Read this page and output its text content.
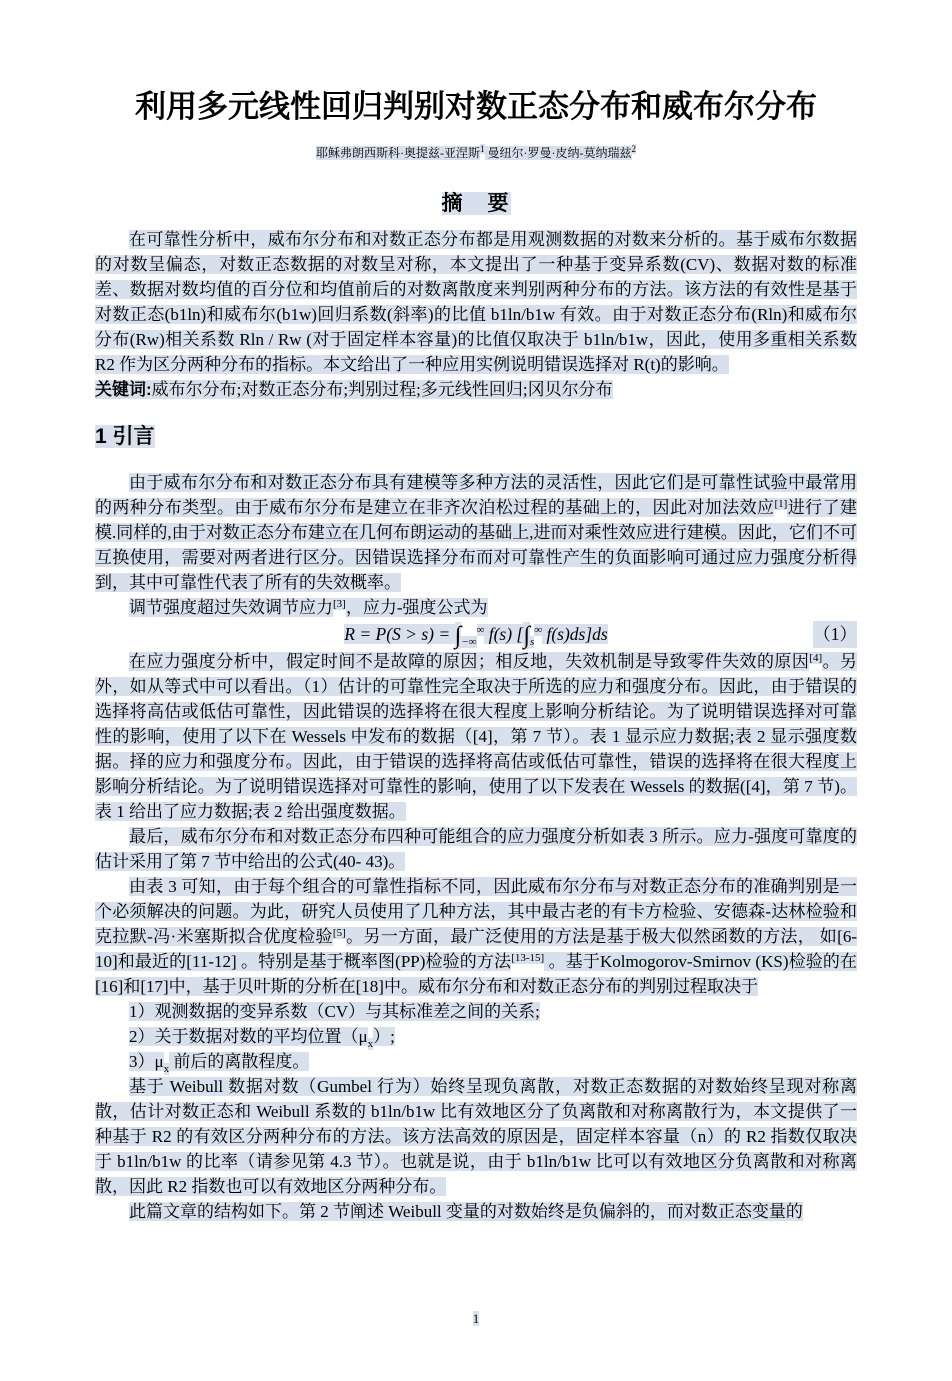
利用多元线性回归判别对数正态分布和威布尔分布
耶稣弗朗西斯科·奥提兹-亚涅斯$^1$ 曼纽尔·罗曼·皮纳-莫纳瑞兹$^2$
摘　要

在可靠性分析中，威布尔分布和对数正态分布都是用观测数据的对数来分析的。基于威布尔数据的对数呈偏态，对数正态数据的对数呈对称，本文提出了一种基于变异系数(CV)、数据对数的标准差、数据对数均值的百分位和均值前后的对数离散度来判别两种分布的方法。该方法的有效性是基于对数正态(b1ln)和威布尔(b1w)回归系数(斜率)的比值 b1ln/b1w 有效。由于对数正态分布(Rln)和威布尔分布(Rw)相关系数 Rln / Rw (对于固定样本容量)的比值仅取决于 b1ln/b1w，因此，使用多重相关系数 R2 作为区分两种分布的指标。本文给出了一种应用实例说明错误选择对 R(t)的影响。

关键词:威布尔分布;对数正态分布;判别过程;多元线性回归;冈贝尔分布

1 引言

由于威布尔分布和对数正态分布具有建模等多种方法的灵活性，因此它们是可靠性试验中最常用的两种分布类型。由于威布尔分布是建立在非齐次泊松过程的基础上的，因此对加法效应[1]进行了建模.同样的,由于对数正态分布建立在几何布朗运动的基础上,进而对乘性效应进行建模。因此，它们不可互换使用，需要对两者进行区分。因错误选择分布而对可靠性产生的负面影响可通过应力强度分析得到，其中可靠性代表了所有的失效概率。

调节强度超过失效调节应力[3]，应力-强度公式为

$R = P(S > s) = \int_{-\infty}^\infty$ f(s) [$\int_s^\infty$ f(s)ds]ds	（1）

在应力强度分析中，假定时间不是故障的原因；相反地，失效机制是导致零件失效的原因[4]。另外，如从等式中可以看出。（1）估计的可靠性完全取决于所选的应力和强度分布。因此，由于错误的选择将高估或低估可靠性，因此错误的选择将在很大程度上影响分析结论。为了说明错误选择对可靠性的影响，使用了以下在 Wessels 中发布的数据（[4]，第 7 节）。表 1 显示应力数据;表 2 显示强度数据。择的应力和强度分布。因此，由于错误的选择将高估或低估可靠性，错误的选择将在很大程度上影响分析结论。为了说明错误选择对可靠性的影响，使用了以下发表在 Wessels 的数据([4]，第 7 节)。表 1 给出了应力数据;表 2 给出强度数据。

最后，威布尔分布和对数正态分布四种可能组合的应力强度分析如表 3 所示。应力-强度可靠度的估计采用了第 7 节中给出的公式(40- 43)。

由表 3 可知，由于每个组合的可靠性指标不同，因此威布尔分布与对数正态分布的准确判别是一个必须解决的问题。为此，研究人员使用了几种方法，其中最古老的有卡方检验、安德森-达林检验和克拉默-冯·米塞斯拟合优度检验[5]。另一方面，最广泛使用的方法是基于极大似然函数的方法， 如[6-10]和最近的[11-12] 。特别是基于概率图(PP)检验的方法[13-15] 。基于Kolmogorov-Smirnov (KS)检验的在[16]和[17]中，基于贝叶斯的分析在[18]中。威布尔分布和对数正态分布的判别过程取决于

1）观测数据的变异系数（CV）与其标准差之间的关系;

2）关于数据对数的平均位置$(\mu_x)$;

$3)\mu_x$ 前后的离散程度。

基于 Weibull 数据对数（Gumbel 行为）始终呈现负离散，对数正态数据的对数始终呈现对称离散，估计对数正态和 Weibull 系数的 b1ln/b1w 比有效地区分了负离散和对称离散行为，本文提供了一种基于 R2 的有效区分两种分布的方法。该方法高效的原因是，固定样本容量（n）的 R2 指数仅取决于 b1ln/b1w 的比率（请参见第 4.3 节）。也就是说，由于 b1ln/b1w 比可以有效地区分负离散和对称离散，因此 R2 指数也可以有效地区分两种分布。

此篇文章的结构如下。第 2 节阐述 Weibull 变量的对数始终是负偏斜的，而对数正态变量的

1
